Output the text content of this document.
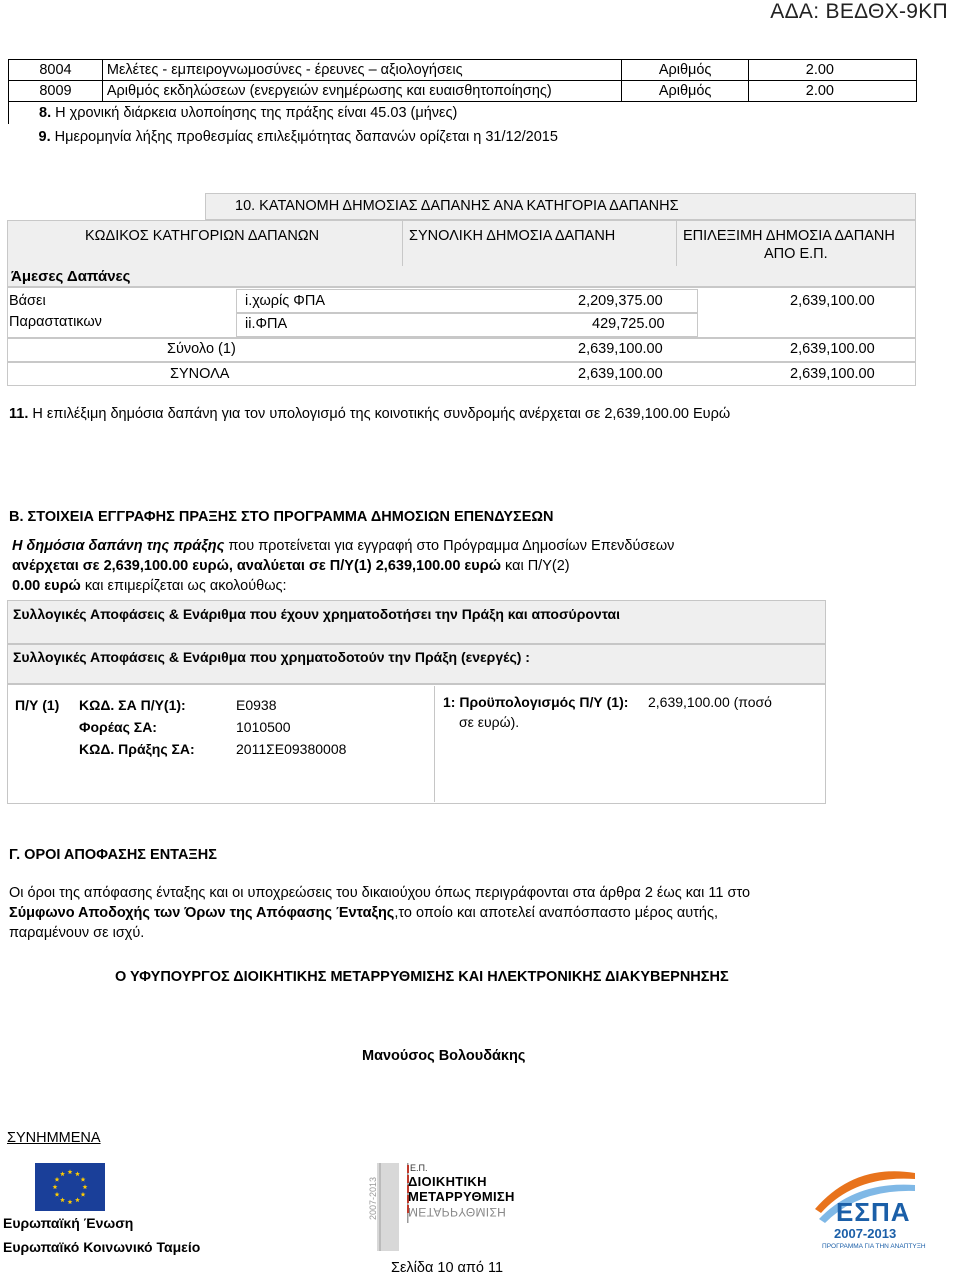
ΑΔΑ: ΒΕΔΘΧ-9ΚΠ
8004	Μελέτες - εμπειρογνωμοσύνες - έρευνες – αξιολογήσεις	Αριθμός	2.00
8009	Αριθμός εκδηλώσεων (ενεργειών ενημέρωσης και ευαισθητοποίησης)	Αριθμός	2.00
8. Η χρονική διάρκεια υλοποίησης της πράξης είναι 45.03 (μήνες)			
9. Ημερομηνία λήξης προθεσμίας επιλεξιμότητας δαπανών ορίζεται η 31/12/2015			
10. ΚΑΤΑΝΟΜΗ ΔΗΜΟΣΙΑΣ ΔΑΠΑΝΗΣ ΑΝΑ ΚΑΤΗΓΟΡΙΑ ΔΑΠΑΝΗΣ
ΚΩΔΙΚΟΣ ΚΑΤΗΓΟΡΙΩΝ ΔΑΠΑΝΩΝ	ΣΥΝΟΛΙΚΗ ΔΗΜΟΣΙΑ ΔΑΠΑΝΗ	ΕΠΙΛΕΞΙΜΗ ΔΗΜΟΣΙΑ ΔΑΠΑΝΗ
ΑΠΟ Ε.Π.
Άμεσες Δαπάνες
Βάσει
Παραστατικων
i.χωρίς ΦΠΑ	2,209,375.00	2,639,100.00
ii.ΦΠΑ	429,725.00
Σύνολο (1)	2,639,100.00	2,639,100.00
ΣΥΝΟΛΑ	2,639,100.00	2,639,100.00
11. Η επιλέξιμη δημόσια δαπάνη για τον υπολογισμό της κοινοτικής συνδρομής ανέρχεται σε 2,639,100.00 Ευρώ
Β. ΣΤΟΙΧΕΙΑ ΕΓΓΡΑΦΗΣ ΠΡΑΞΗΣ ΣΤΟ ΠΡΟΓΡΑΜΜΑ ΔΗΜΟΣΙΩΝ ΕΠΕΝΔΥΣΕΩΝ
Η δημόσια δαπάνη της πράξης που προτείνεται για εγγραφή στο Πρόγραμμα Δημοσίων Επενδύσεων
ανέρχεται σε 2,639,100.00 ευρώ, αναλύεται σε Π/Υ(1) 2,639,100.00 ευρώ και Π/Υ(2)
0.00 ευρώ και επιμερίζεται ως ακολούθως:
Συλλογικές Αποφάσεις & Ενάριθμα που έχουν χρηματοδοτήσει την Πράξη και αποσύρονται
Συλλογικές Αποφάσεις & Ενάριθμα που χρηματοδοτούν την Πράξη (ενεργές) :
Π/Υ (1) ΚΩΔ. ΣΑ Π/Υ(1):	Ε0938
Φορέας ΣΑ:	1010500
ΚΩΔ. Πράξης ΣΑ:	2011ΣΕ09380008
1: Προϋπολογισμός Π/Υ (1): 2,639,100.00 (ποσό
σε ευρώ).
Γ. ΟΡΟΙ ΑΠΟΦΑΣΗΣ ΕΝΤΑΞΗΣ
Οι όροι της απόφασης ένταξης και οι υποχρεώσεις του δικαιούχου όπως περιγράφονται στα άρθρα 2 έως και 11 στο
Σύμφωνο Αποδοχής των Όρων της Απόφασης Ένταξης,το οποίο και αποτελεί αναπόσπαστο μέρος αυτής,
παραμένουν σε ισχύ.
Ο ΥΦΥΠΟΥΡΓΟΣ ΔΙΟΙΚΗΤΙΚΗΣ ΜΕΤΑΡΡΥΘΜΙΣΗΣ ΚΑΙ ΗΛΕΚΤΡΟΝΙΚΗΣ ΔΙΑΚΥΒΕΡΝΗΣΗΣ
Μανούσος Βολουδάκης
ΣΥΝΗΜΜΕΝΑ
Ευρωπαϊκή Ένωση
Ευρωπαϊκό Κοινωνικό Ταμείο
Ε.Π.
ΔΙΟΙΚΗΤΙΚΗ
ΜΕΤΑΡΡΥΘΜΙΣΗ
ΜΕΤΑΡΡΥΘΜΙΣΗ
2007-2013	ΕΣΠΑ
2007-2013
ΠΡΟΓΡΑΜΜΑ ΓΙΑ ΤΗΝ ΑΝΑΠΤΥΞΗ
Σελίδα 10 από 11
